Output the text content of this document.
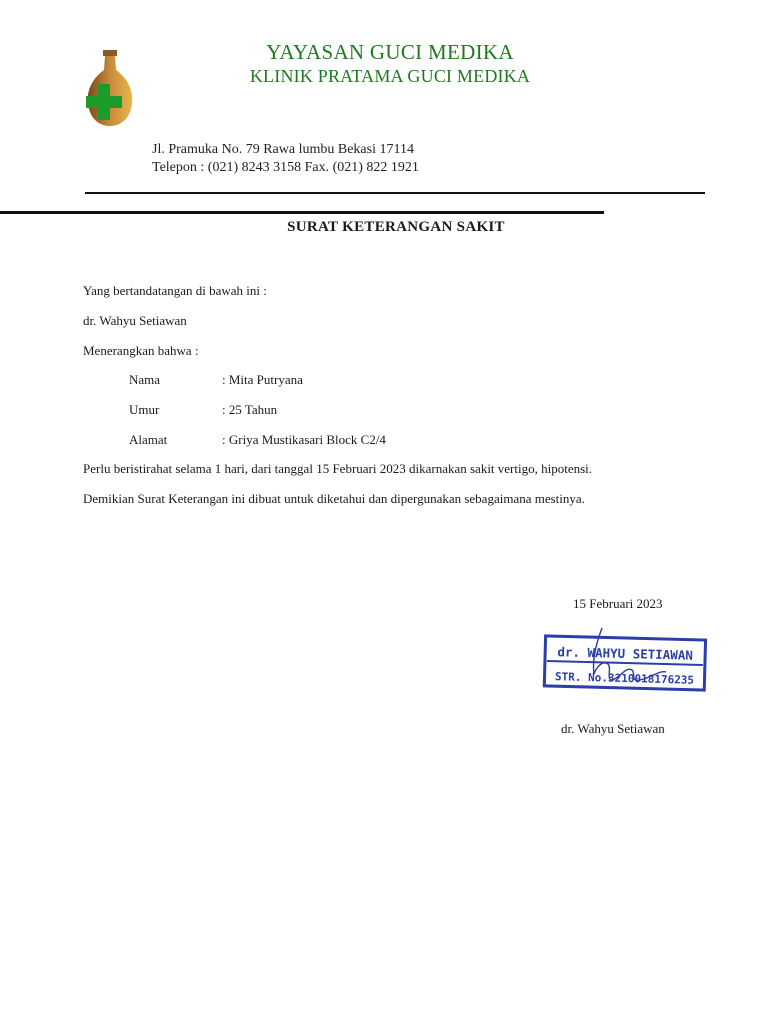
YAYASAN GUCI MEDIKA
KLINIK PRATAMA GUCI MEDIKA
Jl. Pramuka No. 79 Rawa lumbu Bekasi 17114
Telepon : (021) 8243 3158 Fax. (021) 822 1921
SURAT KETERANGAN SAKIT
Yang bertandatangan di bawah ini :
dr. Wahyu Setiawan
Menerangkan bahwa :
Nama	: Mita Putryana
Umur	: 25 Tahun
Alamat	: Griya Mustikasari Block C2/4
Perlu beristirahat selama 1 hari, dari tanggal 15 Februari 2023 dikarnakan sakit vertigo, hipotensi.
Demikian Surat Keterangan ini dibuat untuk diketahui dan dipergunakan sebagaimana mestinya.
15 Februari 2023
dr. WAHYU SETIAWAN
STR. No.3210018176235
dr. Wahyu Setiawan
